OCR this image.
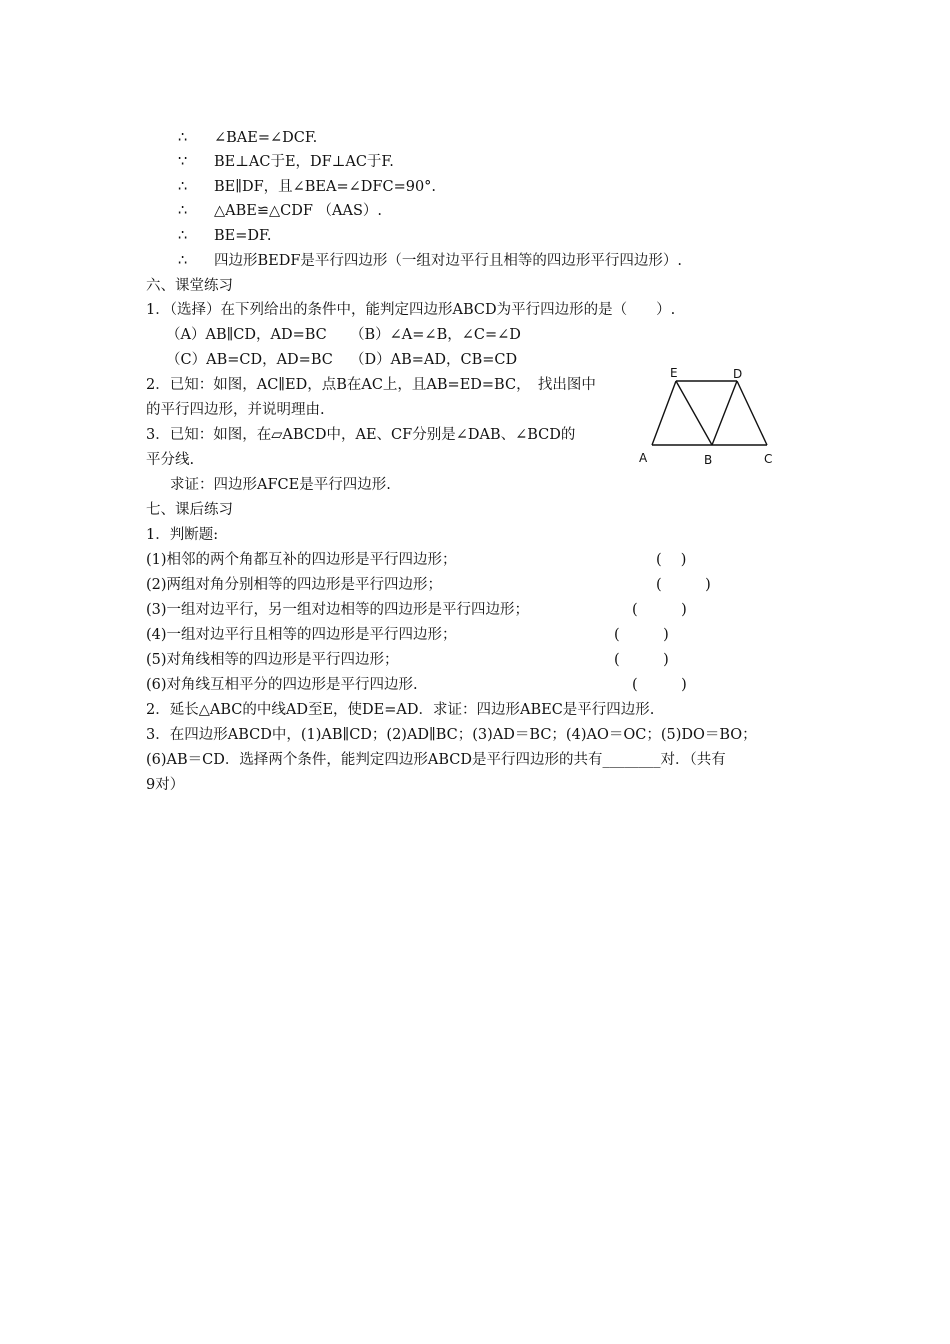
∴ ∠BAE=∠DCF.
∵ BE⊥AC于E，DF⊥AC于F.
∴ BE∥DF，且∠BEA=∠DFC=90°.
∴ △ABE≌△CDF （AAS）.
∴ BE=DF.
∴ 四边形BEDF是平行四边形（一组对边平行且相等的四边形平行四边形）.
六、课堂练习
1．（选择）在下列给出的条件中，能判定四边形ABCD为平行四边形的是（　　）.
（A）AB∥CD，AD=BC （B）∠A=∠B，∠C=∠D
（C）AB=CD，AD=BC （D）AB=AD，CB=CD
2．已知：如图，AC∥ED，点B在AC上，且AB=ED=BC，　找出图中
的平行四边形，并说明理由.
3．已知：如图，在▱ABCD中，AE、CF分别是∠DAB、∠BCD的
平分线.
求证：四边形AFCE是平行四边形.
E	D
A	B	C
七、课后练习
1．判断题:
(1)相邻的两个角都互补的四边形是平行四边形；	(　 )
(2)两组对角分别相等的四边形是平行四边形；	(　　　)
(3)一组对边平行，另一组对边相等的四边形是平行四边形；	(　　　)
(4)一组对边平行且相等的四边形是平行四边形；	(　　　)
(5)对角线相等的四边形是平行四边形；	(　　　)
(6)对角线互相平分的四边形是平行四边形.	(　　　)
2．延长△ABC的中线AD至E，使DE=AD．求证：四边形ABEC是平行四边形.
3．在四边形ABCD中，(1)AB∥CD；(2)AD∥BC；(3)AD＝BC；(4)AO＝OC；(5)DO＝BO；
(6)AB＝CD．选择两个条件，能判定四边形ABCD是平行四边形的共有________对．（共有
9对）
